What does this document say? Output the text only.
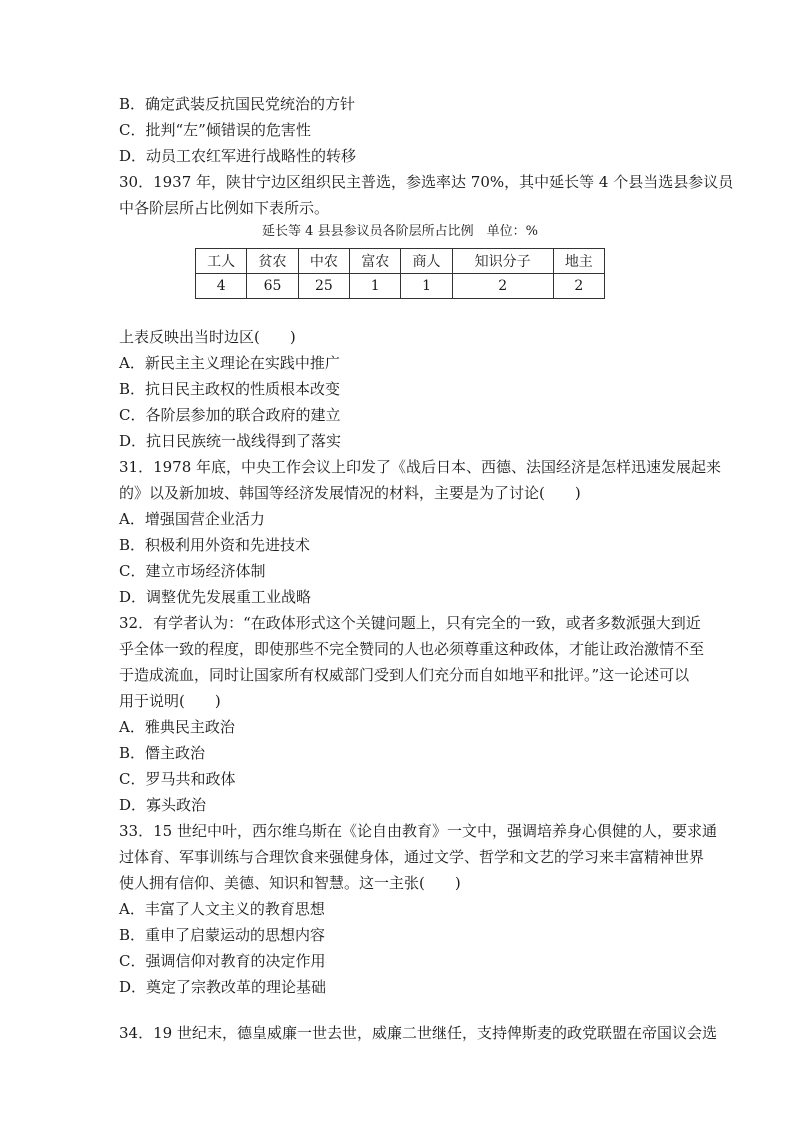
B．确定武装反抗国民党统治的方针
C．批判“左”倾错误的危害性
D．动员工农红军进行战略性的转移
30．1937 年，陕甘宁边区组织民主普选，参选率达 70%，其中延长等 4 个县当选县参议员
中各阶层所占比例如下表所示。
延长等 4 县县参议员各阶层所占比例　单位：%
工人	贫农	中农	富农	商人	知识分子	地主
4	65	25	1	1	2	2
上表反映出当时边区(　　)
A．新民主主义理论在实践中推广
B．抗日民主政权的性质根本改变
C．各阶层参加的联合政府的建立
D．抗日民族统一战线得到了落实
31．1978 年底，中央工作会议上印发了《战后日本、西德、法国经济是怎样迅速发展起来
的》以及新加坡、韩国等经济发展情况的材料，主要是为了讨论(　　)
A．增强国营企业活力
B．积极利用外资和先进技术
C．建立市场经济体制
D．调整优先发展重工业战略
32．有学者认为：“在政体形式这个关键问题上，只有完全的一致，或者多数派强大到近
乎全体一致的程度，即使那些不完全赞同的人也必须尊重这种政体，才能让政治激情不至
于造成流血，同时让国家所有权威部门受到人们充分而自如地平和批评。”这一论述可以
用于说明(　　)
A．雅典民主政治
B．僭主政治
C．罗马共和政体
D．寡头政治
33．15 世纪中叶，西尔维乌斯在《论自由教育》一文中，强调培养身心俱健的人，要求通
过体育、军事训练与合理饮食来强健身体，通过文学、哲学和文艺的学习来丰富精神世界
使人拥有信仰、美德、知识和智慧。这一主张(　　)
A．丰富了人文主义的教育思想
B．重申了启蒙运动的思想内容
C．强调信仰对教育的决定作用
D．奠定了宗教改革的理论基础
34．19 世纪末，德皇威廉一世去世，威廉二世继任，支持俾斯麦的政党联盟在帝国议会选
